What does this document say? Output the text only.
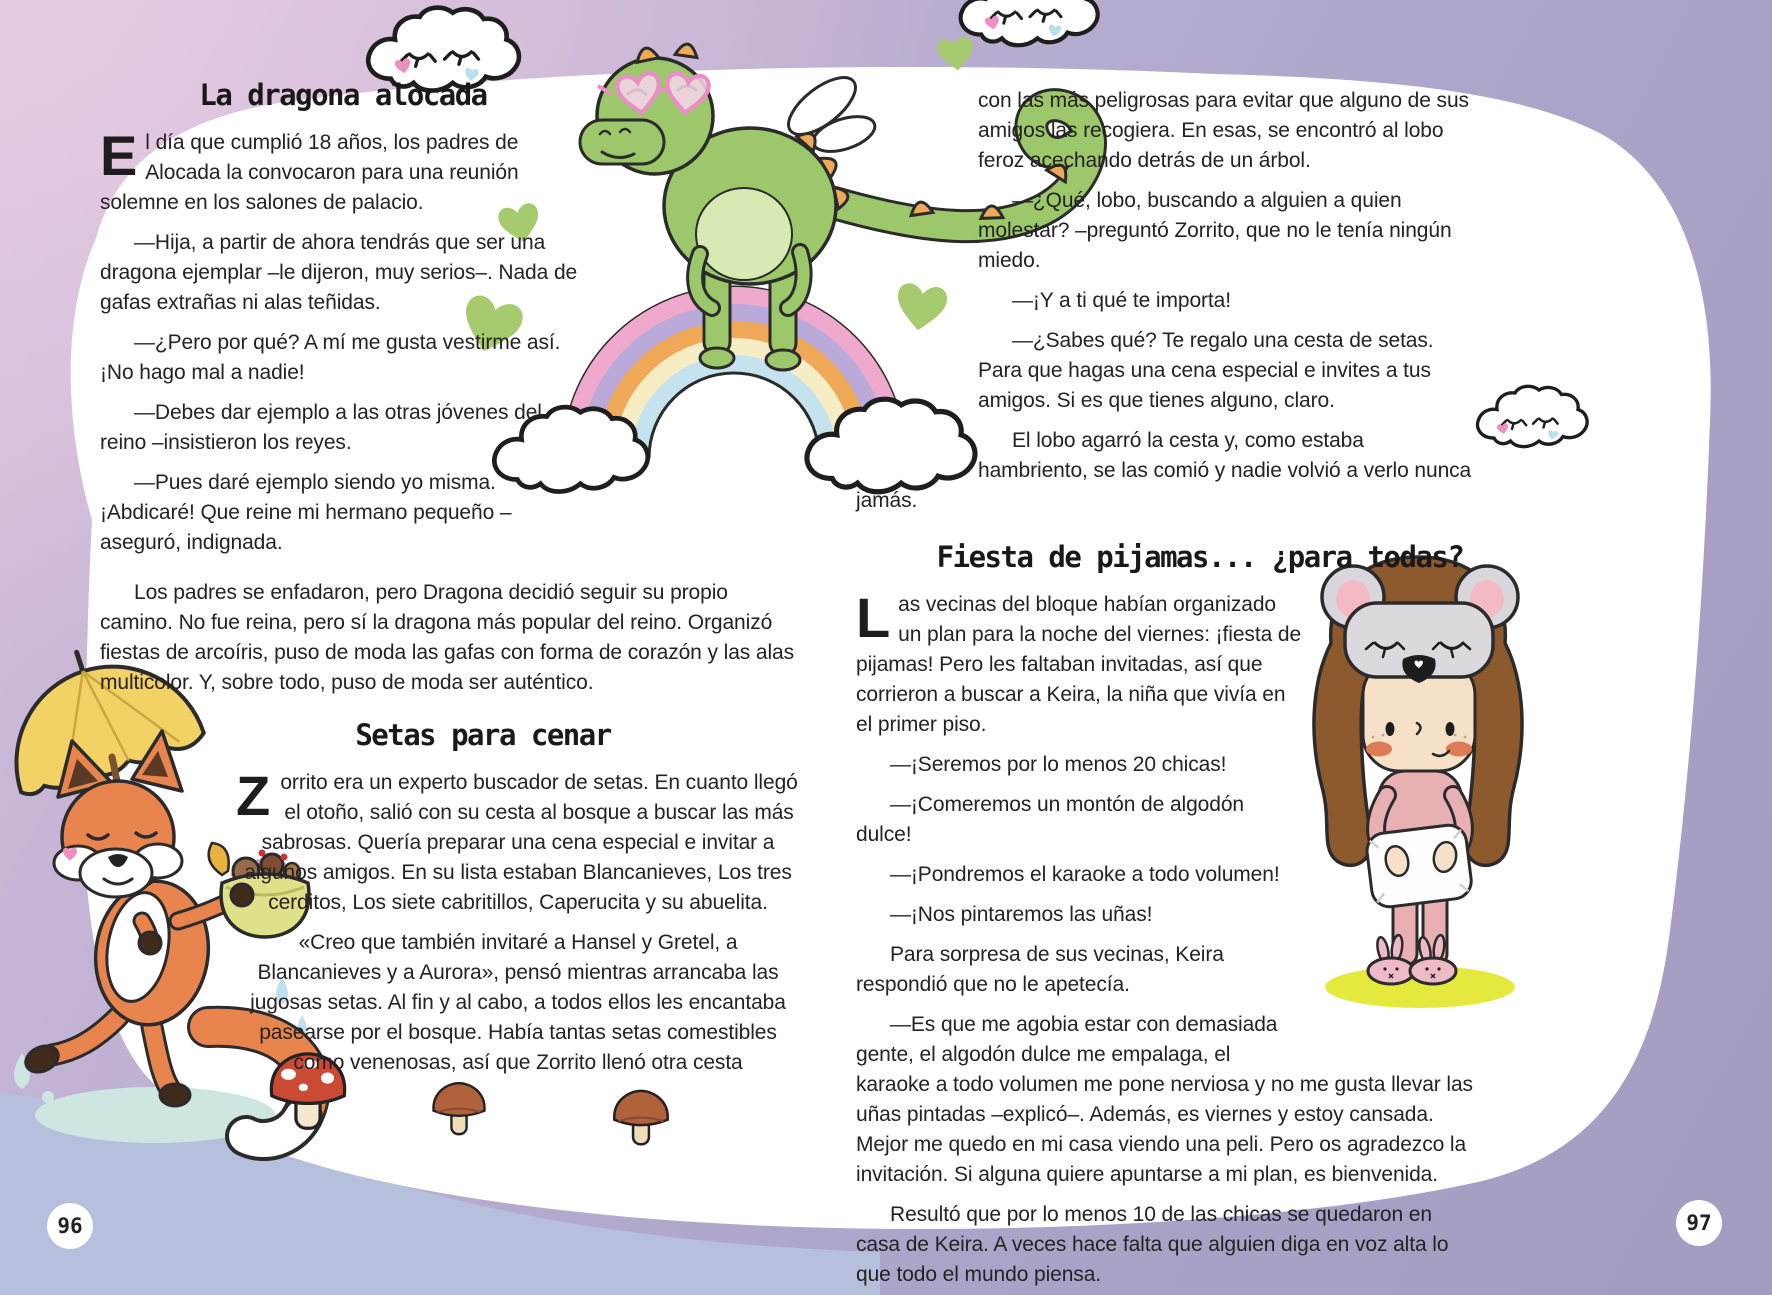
La dragona alocada

El día que cumplió 18 años, los padres de Alocada la convocaron para una reunión solemne en los salones de palacio.

—Hija, a partir de ahora tendrás que ser una dragona ejemplar –le dijeron, muy serios–. Nada de gafas extrañas ni alas teñidas.

—¿Pero por qué? A mí me gusta vestirme así. ¡No hago mal a nadie!

—Debes dar ejemplo a las otras jóvenes del reino –insistieron los reyes.

—Pues daré ejemplo siendo yo misma. ¡Abdicaré! Que reine mi hermano pequeño –aseguró, indignada.

Los padres se enfadaron, pero Dragona decidió seguir su propio camino. No fue reina, pero sí la dragona más popular del reino. Organizó fiestas de arcoíris, puso de moda las gafas con forma de corazón y las alas multicolor. Y, sobre todo, puso de moda ser auténtico.

Setas para cenar

Zorrito era un experto buscador de setas. En cuanto llegó el otoño, salió con su cesta al bosque a buscar las más sabrosas. Quería preparar una cena especial e invitar a algunos amigos. En su lista estaban Blancanieves, Los tres cerditos, Los siete cabritillos, Caperucita y su abuelita.

«Creo que también invitaré a Hansel y Gretel, a Blancanieves y a Aurora», pensó mientras arrancaba las jugosas setas. Al fin y al cabo, a todos ellos les encantaba pasearse por el bosque. Había tantas setas comestibles como venenosas, así que Zorrito llenó otra cesta

con las más peligrosas para evitar que alguno de sus amigos las recogiera. En esas, se encontró al lobo feroz acechando detrás de un árbol.

—¿Qué, lobo, buscando a alguien a quien molestar? –preguntó Zorrito, que no le tenía ningún miedo.

—¡Y a ti qué te importa!

—¿Sabes qué? Te regalo una cesta de setas. Para que hagas una cena especial e invites a tus amigos. Si es que tienes alguno, claro.

El lobo agarró la cesta y, como estaba hambriento, se las comió y nadie volvió a verlo nunca jamás.

Fiesta de pijamas... ¿para todas?

Las vecinas del bloque habían organizado un plan para la noche del viernes: ¡fiesta de pijamas! Pero les faltaban invitadas, así que corrieron a buscar a Keira, la niña que vivía en el primer piso.

—¡Seremos por lo menos 20 chicas!

—¡Comeremos un montón de algodón dulce!

—¡Pondremos el karaoke a todo volumen!

—¡Nos pintaremos las uñas!

Para sorpresa de sus vecinas, Keira respondió que no le apetecía.

—Es que me agobia estar con demasiada gente, el algodón dulce me empalaga, el karaoke a todo volumen me pone nerviosa y no me gusta llevar las uñas pintadas –explicó–. Además, es viernes y estoy cansada. Mejor me quedo en mi casa viendo una peli. Pero os agradezco la invitación. Si alguna quiere apuntarse a mi plan, es bienvenida.

Resultó que por lo menos 10 de las chicas se quedaron en casa de Keira. A veces hace falta que alguien diga en voz alta lo que todo el mundo piensa.

96	97
